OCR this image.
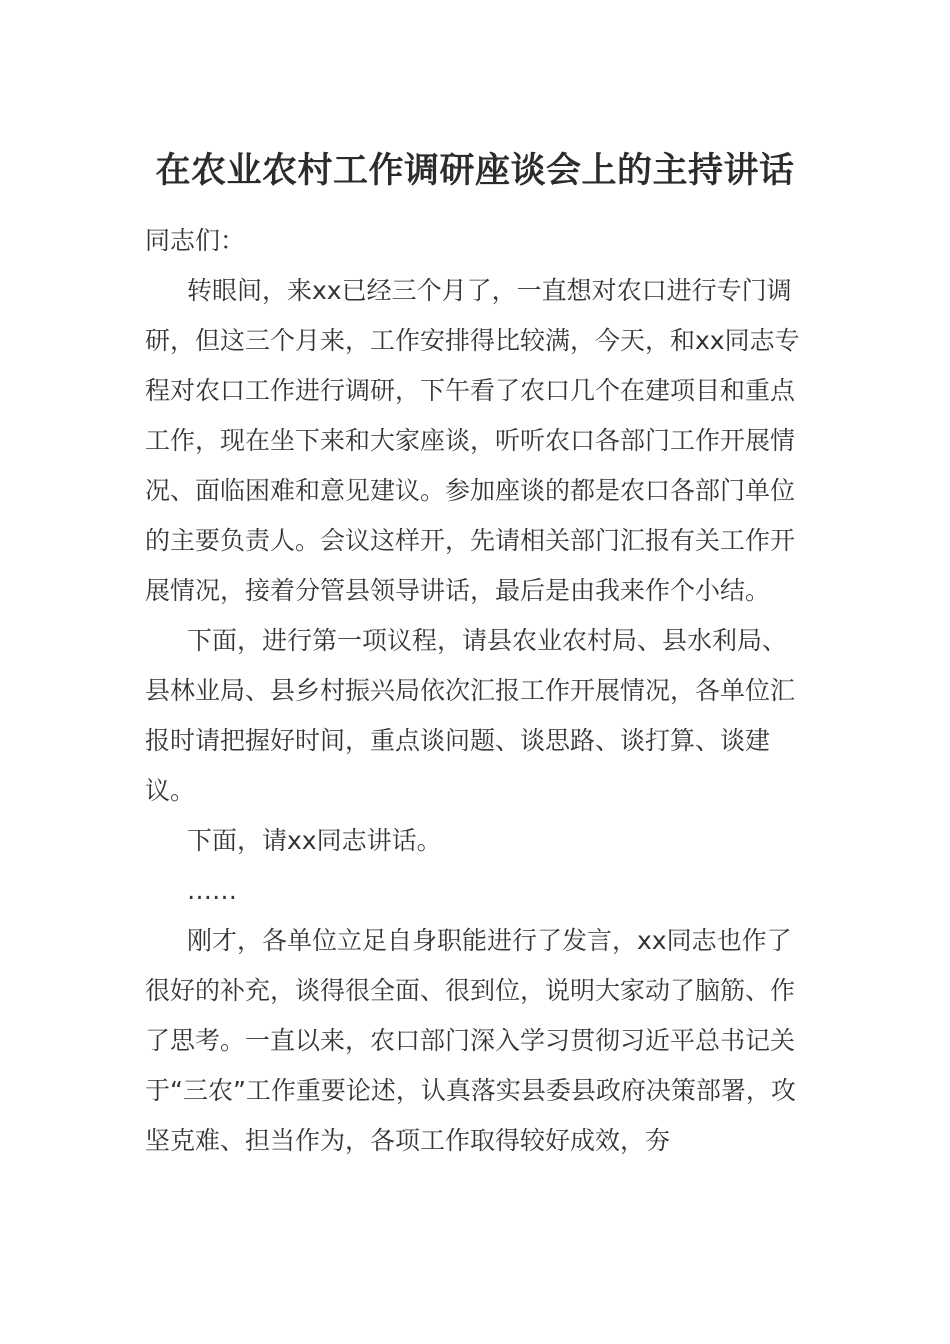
在农业农村工作调研座谈会上的主持讲话

同志们：

转眼间，来xx已经三个月了，一直想对农口进行专门调研，但这三个月来，工作安排得比较满，今天，和xx同志专程对农口工作进行调研，下午看了农口几个在建项目和重点工作，现在坐下来和大家座谈，听听农口各部门工作开展情况、面临困难和意见建议。参加座谈的都是农口各部门单位的主要负责人。会议这样开，先请相关部门汇报有关工作开展情况，接着分管县领导讲话，最后是由我来作个小结。

下面，进行第一项议程，请县农业农村局、县水利局、县林业局、县乡村振兴局依次汇报工作开展情况，各单位汇报时请把握好时间，重点谈问题、谈思路、谈打算、谈建议。

下面，请xx同志讲话。

……

刚才，各单位立足自身职能进行了发言，xx同志也作了很好的补充，谈得很全面、很到位，说明大家动了脑筋、作了思考。一直以来，农口部门深入学习贯彻习近平总书记关于“三农”工作重要论述，认真落实县委县政府决策部署，攻坚克难、担当作为，各项工作取得较好成效，夯
